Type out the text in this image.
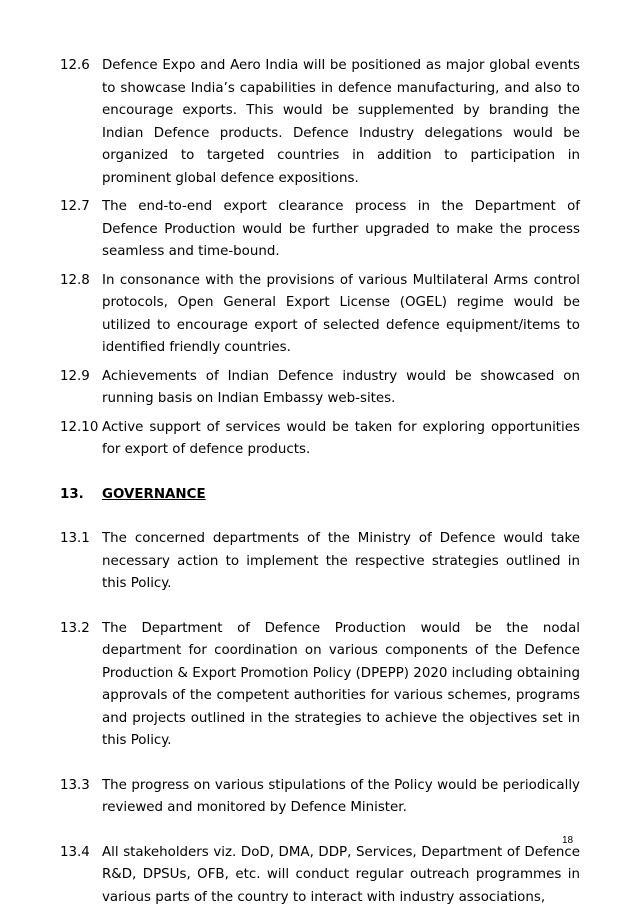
12.6 Defence Expo and Aero India will be positioned as major global events to showcase India’s capabilities in defence manufacturing, and also to encourage exports. This would be supplemented by branding the Indian Defence products. Defence Industry delegations would be organized to targeted countries in addition to participation in prominent global defence expositions.

12.7 The end-to-end export clearance process in the Department of Defence Production would be further upgraded to make the process seamless and time-bound.

12.8 In consonance with the provisions of various Multilateral Arms control protocols, Open General Export License (OGEL) regime would be utilized to encourage export of selected defence equipment/items to identified friendly countries.

12.9 Achievements of Indian Defence industry would be showcased on running basis on Indian Embassy web-sites.

12.10 Active support of services would be taken for exploring opportunities for export of defence products.

13. GOVERNANCE

13.1 The concerned departments of the Ministry of Defence would take necessary action to implement the respective strategies outlined in this Policy.

13.2 The Department of Defence Production would be the nodal department for coordination on various components of the Defence Production & Export Promotion Policy (DPEPP) 2020 including obtaining approvals of the competent authorities for various schemes, programs and projects outlined in the strategies to achieve the objectives set in this Policy.

13.3 The progress on various stipulations of the Policy would be periodically reviewed and monitored by Defence Minister.

13.4 All stakeholders viz. DoD, DMA, DDP, Services, Department of Defence R&D, DPSUs, OFB, etc. will conduct regular outreach programmes in various parts of the country to interact with industry associations,

18
